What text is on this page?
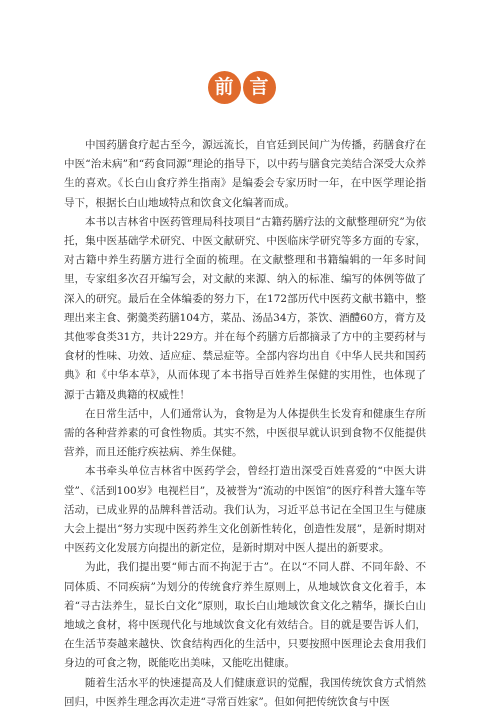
前 言

中国药膳食疗起古至今，源远流长，自官廷到民间广为传播，药膳食疗在中医“治未病”和“药食同源”理论的指导下，以中药与膳食完美结合深受大众养生的喜欢。《长白山食疗养生指南》是编委会专家历时一年，在中医学理论指导下，根据长白山地域特点和饮食文化编著而成。

本书以吉林省中医药管理局科技项目“古籍药膳疗法的文献整理研究”为依托，集中医基础学术研究、中医文献研究、中医临床学研究等多方面的专家，对古籍中养生药膳方进行全面的梳理。在文献整理和书籍编辑的一年多时间里，专家组多次召开编写会，对文献的来源、纳入的标准、编写的体例等做了深入的研究。最后在全体编委的努力下，在172部历代中医药文献书籍中，整理出来主食、粥羹类药膳104方，菜品、汤品34方，茶饮、酒醴60方，膏方及其他零食类31方，共计229方。并在每个药膳方后都摘录了方中的主要药材与食材的性味、功效、适应症、禁忌症等。全部内容均出自《中华人民共和国药典》和《中华本草》，从而体现了本书指导百姓养生保健的实用性，也体现了源于古籍及典籍的权威性！

在日常生活中，人们通常认为，食物是为人体提供生长发育和健康生存所需的各种营养素的可食性物质。其实不然，中医很早就认识到食物不仅能提供营养，而且还能疗疾祛病、养生保健。

本书牵头单位吉林省中医药学会，曾经打造出深受百姓喜爱的“中医大讲堂”、《活到100岁》电视栏目”，及被誉为“流动的中医馆”的医疗科普大篷车等活动，已成业界的品牌科普活动。我们认为，习近平总书记在全国卫生与健康大会上提出“努力实现中医药养生文化创新性转化，创造性发展”，是新时期对中医药文化发展方向提出的新定位，是新时期对中医人提出的新要求。

为此，我们提出要“师古而不拘泥于古”。在以“不同人群、不同年龄、不同体质、不同疾病”为划分的传统食疗养生原则上，从地域饮食文化着手，本着“寻古法养生，显长白文化”原则，取长白山地域饮食文化之精华，撷长白山地域之食材，将中医现代化与地域饮食文化有效结合。目的就是要告诉人们，在生活节奏越来越快、饮食结构西化的生活中，只要按照中医理论去食用我们身边的可食之物，既能吃出美味，又能吃出健康。

随着生活水平的快速提高及人们健康意识的觉醒，我国传统饮食方式悄然回归，中医养生理念再次走进“寻常百姓家”。但如何把传统饮食与中医
